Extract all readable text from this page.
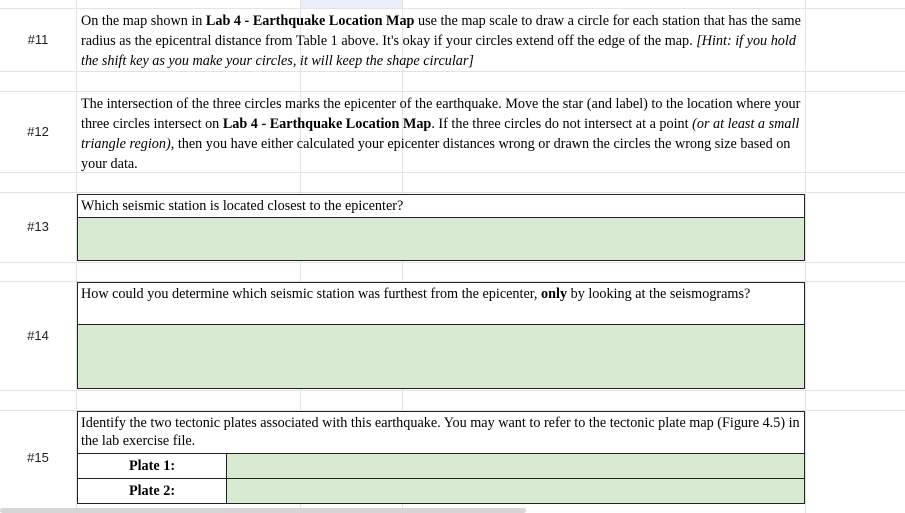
#11
On the map shown in Lab 4 - Earthquake Location Map use the map scale to draw a circle for each station that has the same radius as the epicentral distance from Table 1 above. It's okay if your circles extend off the edge of the map. [Hint: if you hold the shift key as you make your circles, it will keep the shape circular]
#12
The intersection of the three circles marks the epicenter of the earthquake. Move the star (and label) to the location where your three circles intersect on Lab 4 - Earthquake Location Map. If the three circles do not intersect at a point (or at least a small triangle region), then you have either calculated your epicenter distances wrong or drawn the circles the wrong size based on your data.
#13
Which seismic station is located closest to the epicenter?
#14
How could you determine which seismic station was furthest from the epicenter, only by looking at the seismograms?
#15
Identify the two tectonic plates associated with this earthquake. You may want to refer to the tectonic plate map (Figure 4.5) in the lab exercise file.
Plate 1:
Plate 2:
